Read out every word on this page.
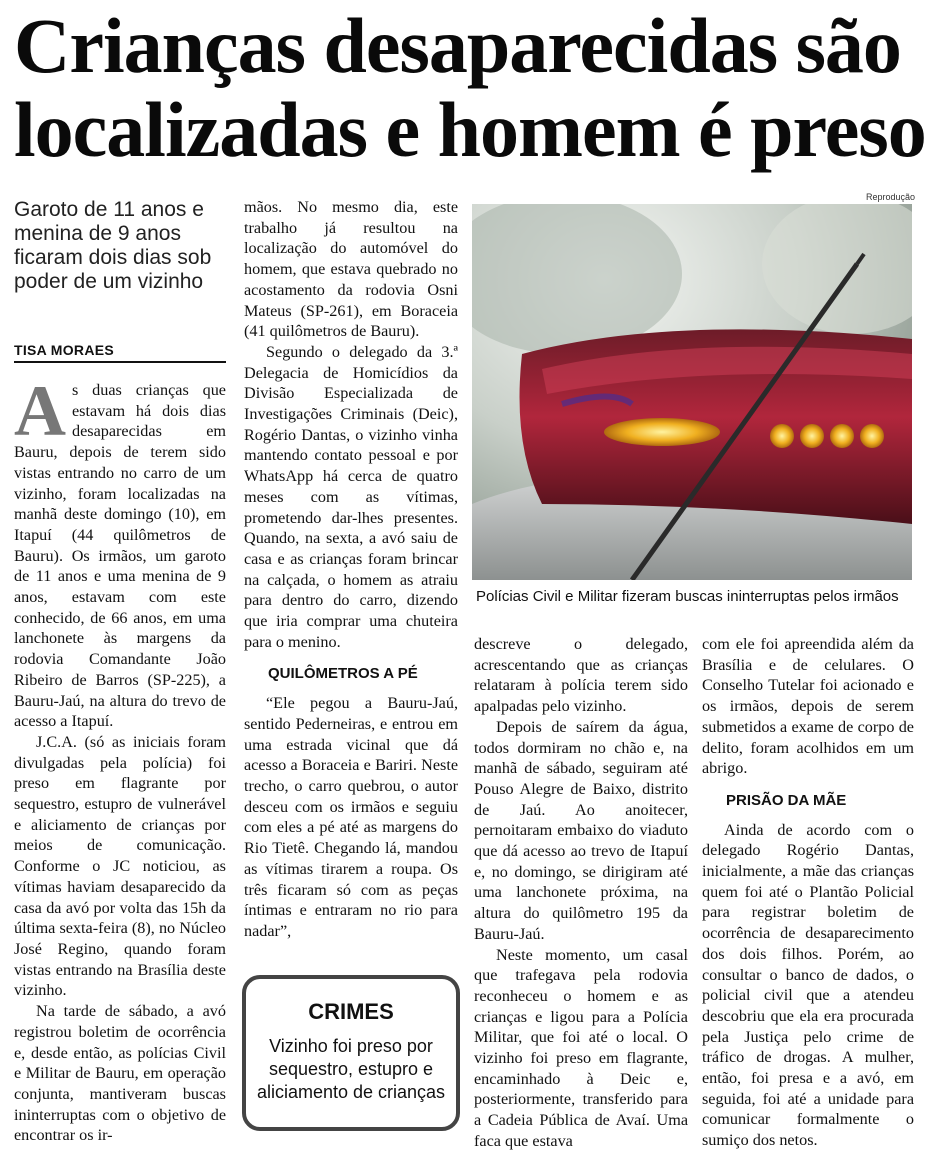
Crianças desaparecidas são
localizadas e homem é preso
Garoto de 11 anos e menina de 9 anos ficaram dois dias sob poder de um vizinho
TISA MORAES

As duas crianças que estavam há dois dias desaparecidas em Bauru, depois de terem sido vistas entrando no carro de um vizinho, foram localizadas na manhã deste domingo (10), em Itapuí (44 quilômetros de Bauru). Os irmãos, um garoto de 11 anos e uma menina de 9 anos, estavam com este conhecido, de 66 anos, em uma lanchonete às margens da rodovia Comandante João Ribeiro de Barros (SP-225), a Bauru-Jaú, na altura do trevo de acesso a Itapuí.

J.C.A. (só as iniciais foram divulgadas pela polícia) foi preso em flagrante por sequestro, estupro de vulnerável e aliciamento de crianças por meios de comunicação. Conforme o JC noticiou, as vítimas haviam desaparecido da casa da avó por volta das 15h da última sexta-feira (8), no Núcleo José Regino, quando foram vistas entrando na Brasília deste vizinho.

Na tarde de sábado, a avó registrou boletim de ocorrência e, desde então, as polícias Civil e Militar de Bauru, em operação conjunta, mantiveram buscas ininterruptas com o objetivo de encontrar os ir-

mãos. No mesmo dia, este trabalho já resultou na localização do automóvel do homem, que estava quebrado no acostamento da rodovia Osni Mateus (SP-261), em Boraceia (41 quilômetros de Bauru).

Segundo o delegado da 3.ª Delegacia de Homicídios da Divisão Especializada de Investigações Criminais (Deic), Rogério Dantas, o vizinho vinha mantendo contato pessoal e por WhatsApp há cerca de quatro meses com as vítimas, prometendo dar-lhes presentes. Quando, na sexta, a avó saiu de casa e as crianças foram brincar na calçada, o homem as atraiu para dentro do carro, dizendo que iria comprar uma chuteira para o menino.

QUILÔMETROS A PÉ

“Ele pegou a Bauru-Jaú, sentido Pederneiras, e entrou em uma estrada vicinal que dá acesso a Boraceia e Bariri. Neste trecho, o carro quebrou, o autor desceu com os irmãos e seguiu com eles a pé até as margens do Rio Tietê. Chegando lá, mandou as vítimas tirarem a roupa. Os três ficaram só com as peças íntimas e entraram no rio para nadar”,

Reprodução
Polícias Civil e Militar fizeram buscas ininterruptas pelos irmãos

descreve o delegado, acrescentando que as crianças relataram à polícia terem sido apalpadas pelo vizinho.

Depois de saírem da água, todos dormiram no chão e, na manhã de sábado, seguiram até Pouso Alegre de Baixo, distrito de Jaú. Ao anoitecer, pernoitaram embaixo do viaduto que dá acesso ao trevo de Itapuí e, no domingo, se dirigiram até uma lanchonete próxima, na altura do quilômetro 195 da Bauru-Jaú.

Neste momento, um casal que trafegava pela rodovia reconheceu o homem e as crianças e ligou para a Polícia Militar, que foi até o local. O vizinho foi preso em flagrante, encaminhado à Deic e, posteriormente, transferido para a Cadeia Pública de Avaí. Uma faca que estava

com ele foi apreendida além da Brasília e de celulares. O Conselho Tutelar foi acionado e os irmãos, depois de serem submetidos a exame de corpo de delito, foram acolhidos em um abrigo.

PRISÃO DA MÃE

Ainda de acordo com o delegado Rogério Dantas, inicialmente, a mãe das crianças quem foi até o Plantão Policial para registrar boletim de ocorrência de desaparecimento dos dois filhos. Porém, ao consultar o banco de dados, o policial civil que a atendeu descobriu que ela era procurada pela Justiça pelo crime de tráfico de drogas. A mulher, então, foi presa e a avó, em seguida, foi até a unidade para comunicar formalmente o sumiço dos netos.

CRIMES
Vizinho foi preso por sequestro, estupro e aliciamento de crianças
